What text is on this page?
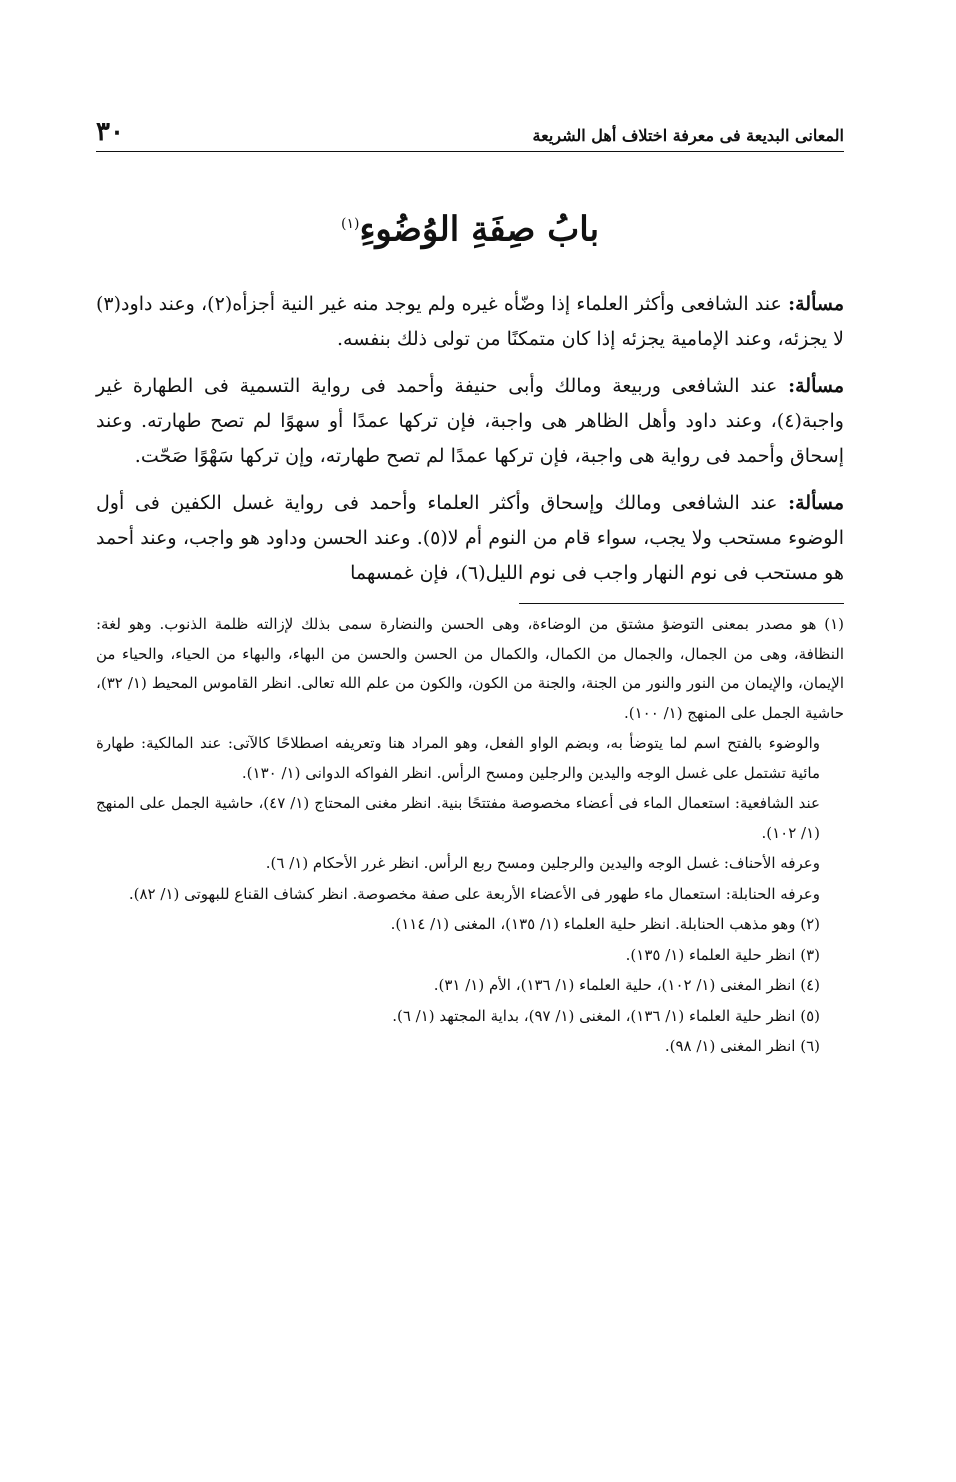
المعانى البديعة فى معرفة اختلاف أهل الشريعة
٣٠
بابُ صِفَةِ الوُضُوءِ$^{(١)}$

مسألة: عند الشافعى وأكثر العلماء إذا وضّأه غيره ولم يوجد منه غير النية أجزأه(٢)، وعند داود(٣) لا يجزئه، وعند الإمامية يجزئه إذا كان متمكنًا من تولى ذلك بنفسه.

مسألة: عند الشافعى وربيعة ومالك وأبى حنيفة وأحمد فى رواية التسمية فى الطهارة غير واجبة(٤)، وعند داود وأهل الظاهر هى واجبة، فإن تركها عمدًا أو سهوًا لم تصح طهارته. وعند إسحاق وأحمد فى رواية هى واجبة، فإن تركها عمدًا لم تصح طهارته، وإن تركها سَهْوًا صَحّت.

مسألة: عند الشافعى ومالك وإسحاق وأكثر العلماء وأحمد فى رواية غسل الكفين فى أول الوضوء مستحب ولا يجب، سواء قام من النوم أم لا(٥). وعند الحسن وداود هو واجب، وعند أحمد هو مستحب فى نوم النهار واجب فى نوم الليل(٦)، فإن غمسهما

(١) هو مصدر بمعنى التوضؤ مشتق من الوضاءة، وهى الحسن والنضارة سمى بذلك لإزالته ظلمة الذنوب. وهو لغة: النظافة، وهى من الجمال، والجمال من الكمال، والكمال من الحسن والحسن من البهاء، والبهاء من الحياء، والحياء من الإيمان، والإيمان من النور والنور من الجنة، والجنة من الكون، والكون من علم الله تعالى. انظر القاموس المحيط (١/ ٣٢)، حاشية الجمل على المنهج (١/ ١٠٠).

والوضوء بالفتح اسم لما يتوضأ به، وبضم الواو الفعل، وهو المراد هنا وتعريفه اصطلاحًا كالآتى: عند المالكية: طهارة مائية تشتمل على غسل الوجه واليدين والرجلين ومسح الرأس. انظر الفواكه الدوانى (١/ ١٣٠).

عند الشافعية: استعمال الماء فى أعضاء مخصوصة مفتتحًا بنية. انظر مغنى المحتاج (١/ ٤٧)، حاشية الجمل على المنهج (١/ ١٠٢).

وعرفه الأحناف: غسل الوجه واليدين والرجلين ومسح ربع الرأس. انظر غرر الأحكام (١/ ٦).

وعرفه الحنابلة: استعمال ماء طهور فى الأعضاء الأربعة على صفة مخصوصة. انظر كشاف القناع للبهوتى (١/ ٨٢).

(٢) وهو مذهب الحنابلة. انظر حلية العلماء (١/ ١٣٥)، المغنى (١/ ١١٤).

(٣) انظر حلية العلماء (١/ ١٣٥).

(٤) انظر المغنى (١/ ١٠٢)، حلية العلماء (١/ ١٣٦)، الأم (١/ ٣١).

(٥) انظر حلية العلماء (١/ ١٣٦)، المغنى (١/ ٩٧)، بداية المجتهد (١/ ٦).

(٦) انظر المغنى (١/ ٩٨).
